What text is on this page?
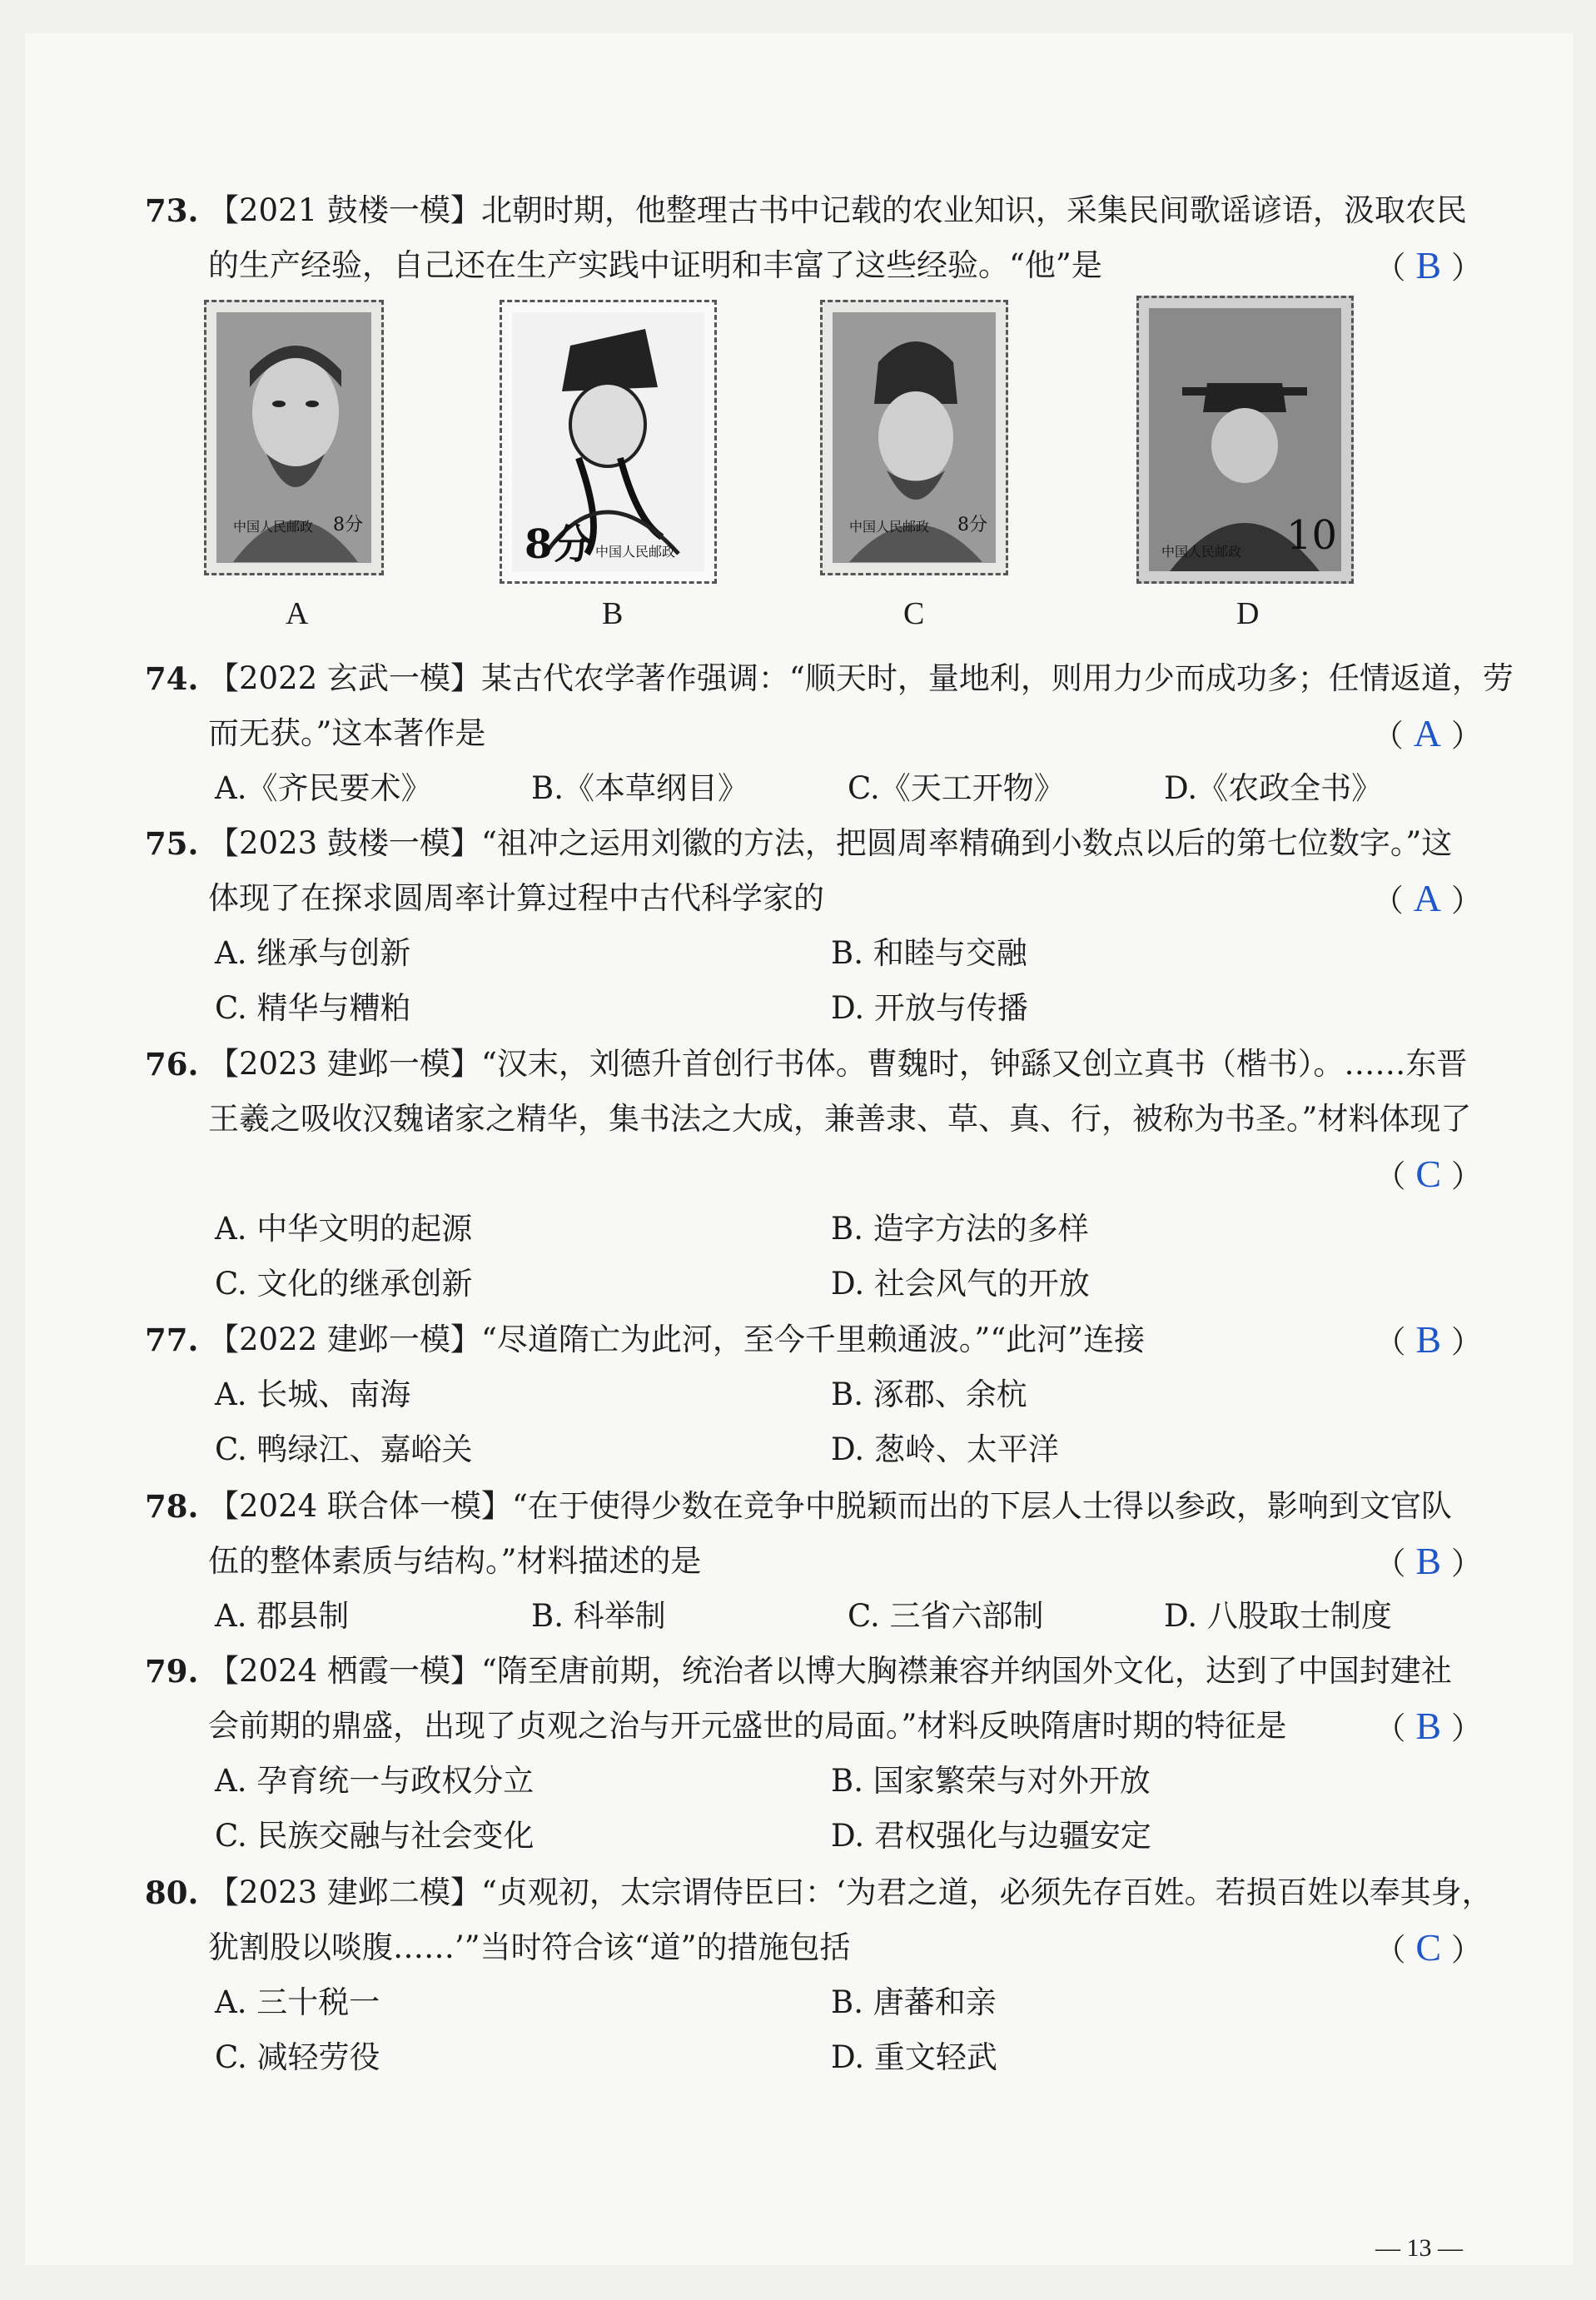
73. 【2021 鼓楼一模】北朝时期，他整理古书中记载的农业知识，采集民间歌谣谚语，汲取农民
的生产经验，自己还在生产实践中证明和丰富了这些经验。“他”是	（ B ）
中国人民邮政 8分	8分 中国人民邮政
中国人民邮政 8分
中国人民邮政 10
A	B	C	D
74. 【2022 玄武一模】某古代农学著作强调：“顺天时，量地利，则用力少而成功多；任情返道，劳
而无获。”这本著作是	（ A ）
A.《齐民要术》	B.《本草纲目》	C.《天工开物》	D.《农政全书》
75. 【2023 鼓楼一模】“祖冲之运用刘徽的方法，把圆周率精确到小数点以后的第七位数字。”这
体现了在探求圆周率计算过程中古代科学家的	（ A ）
A. 继承与创新	B. 和睦与交融
C. 精华与糟粕	D. 开放与传播
76. 【2023 建邺一模】“汉末，刘德升首创行书体。曹魏时，钟繇又创立真书（楷书）。……东晋
王羲之吸收汉魏诸家之精华，集书法之大成，兼善隶、草、真、行，被称为书圣。”材料体现了
（ C ）
A. 中华文明的起源	B. 造字方法的多样
C. 文化的继承创新	D. 社会风气的开放
77. 【2022 建邺一模】“尽道隋亡为此河，至今千里赖通波。”“此河”连接	（ B ）
A. 长城、南海	B. 涿郡、余杭
C. 鸭绿江、嘉峪关	D. 葱岭、太平洋
78. 【2024 联合体一模】“在于使得少数在竞争中脱颖而出的下层人士得以参政，影响到文官队
伍的整体素质与结构。”材料描述的是	（ B ）
A. 郡县制	B. 科举制	C. 三省六部制	D. 八股取士制度
79. 【2024 栖霞一模】“隋至唐前期，统治者以博大胸襟兼容并纳国外文化，达到了中国封建社
会前期的鼎盛，出现了贞观之治与开元盛世的局面。”材料反映隋唐时期的特征是	（ B ）
A. 孕育统一与政权分立	B. 国家繁荣与对外开放
C. 民族交融与社会变化	D. 君权强化与边疆安定
80. 【2023 建邺二模】“贞观初，太宗谓侍臣曰：‘为君之道，必须先存百姓。若损百姓以奉其身，
犹割股以啖腹……’”当时符合该“道”的措施包括	（ C ）
A. 三十税一	B. 唐蕃和亲
C. 减轻劳役	D. 重文轻武
— 13 —
